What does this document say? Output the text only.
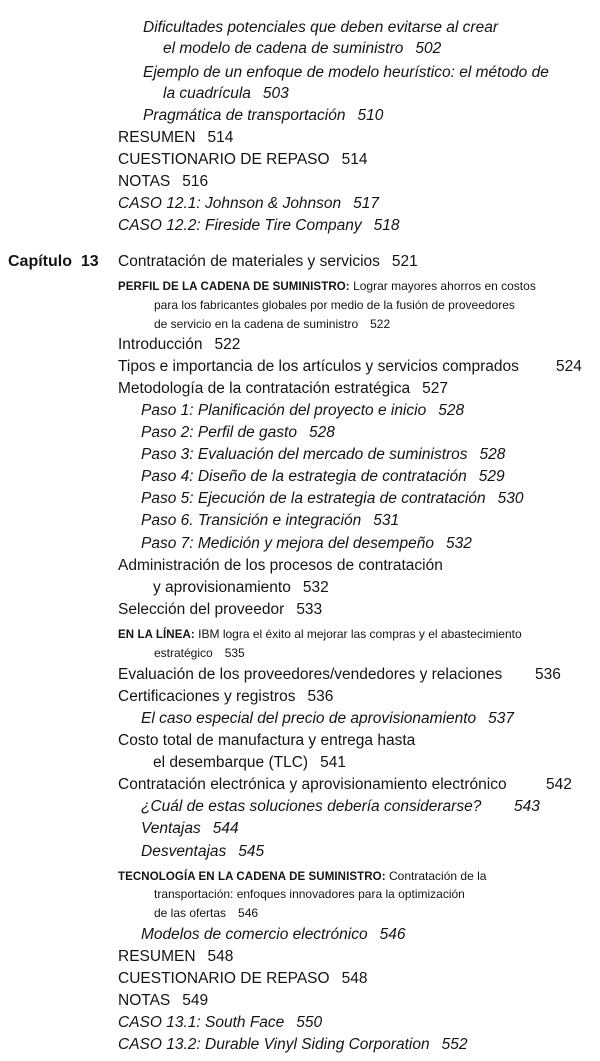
Dificultades potenciales que deben evitarse al crear
el modelo de cadena de suministro 502
Ejemplo de un enfoque de modelo heurístico: el método de
la cuadrícula 503
Pragmática de transportación 510
RESUMEN 514
CUESTIONARIO DE REPASO 514
NOTAS 516
CASO 12.1: Johnson & Johnson 517
CASO 12.2: Fireside Tire Company 518
Capítulo 13 Contratación de materiales y servicios 521
PERFIL DE LA CADENA DE SUMINISTRO: Lograr mayores ahorros en costos
para los fabricantes globales por medio de la fusión de proveedores
de servicio en la cadena de suministro 522
Introducción 522
Tipos e importancia de los artículos y servicios comprados 524
Metodología de la contratación estratégica 527
Paso 1: Planificación del proyecto e inicio 528
Paso 2: Perfil de gasto 528
Paso 3: Evaluación del mercado de suministros 528
Paso 4: Diseño de la estrategia de contratación 529
Paso 5: Ejecución de la estrategia de contratación 530
Paso 6. Transición e integración 531
Paso 7: Medición y mejora del desempeño 532
Administración de los procesos de contratación
y aprovisionamiento 532
Selección del proveedor 533
EN LA LÍNEA: IBM logra el éxito al mejorar las compras y el abastecimiento
estratégico 535
Evaluación de los proveedores/vendedores y relaciones 536
Certificaciones y registros 536
El caso especial del precio de aprovisionamiento 537
Costo total de manufactura y entrega hasta
el desembarque (TLC) 541
Contratación electrónica y aprovisionamiento electrónico	542
¿Cuál de estas soluciones debería considerarse? 543
Ventajas 544
Desventajas 545
TECNOLOGÍA EN LA CADENA DE SUMINISTRO: Contratación de la
transportación: enfoques innovadores para la optimización
de las ofertas 546
Modelos de comercio electrónico 546
RESUMEN 548
CUESTIONARIO DE REPASO 548
NOTAS 549
CASO 13.1: South Face 550
CASO 13.2: Durable Vinyl Siding Corporation 552
